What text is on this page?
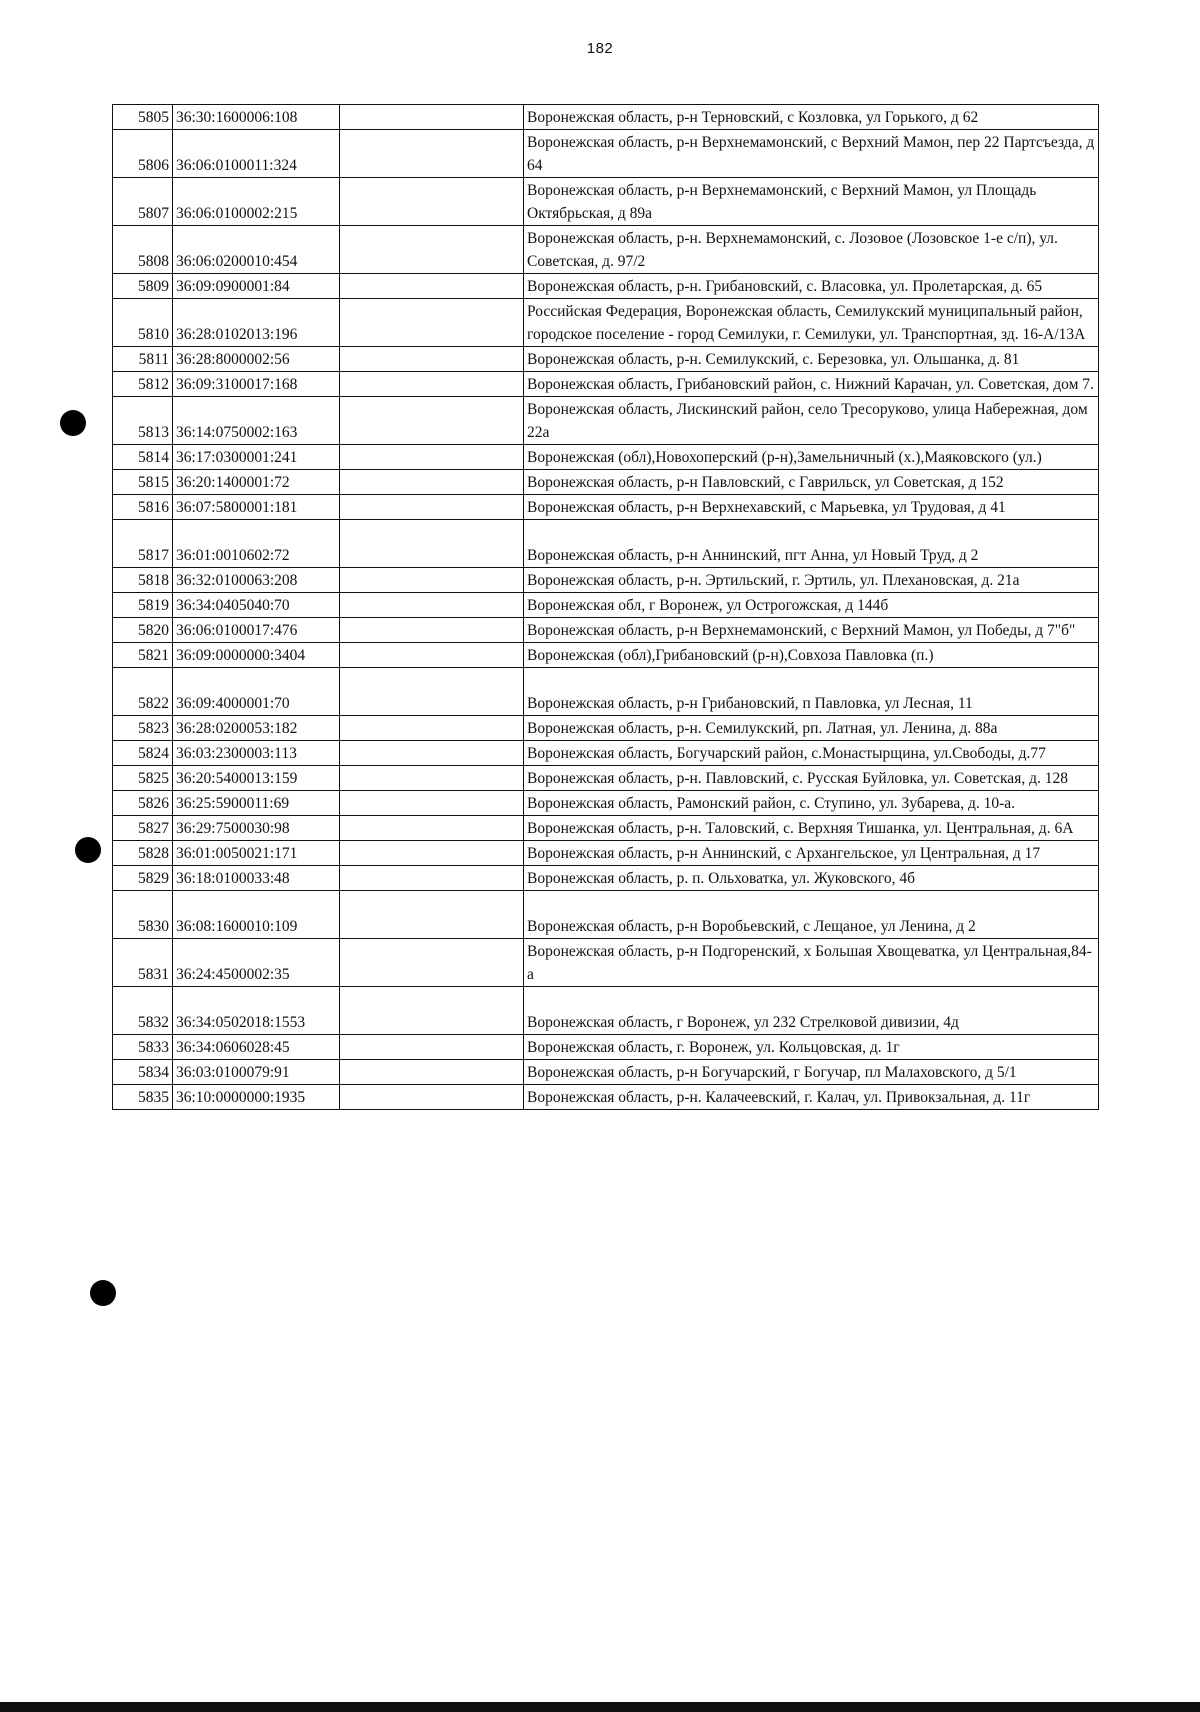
182
5805	36:30:1600006:108		Воронежская область, р-н Терновский, с Козловка, ул Горького, д 62
5806	36:06:0100011:324		Воронежская область, р-н Верхнемамонский, с Верхний Мамон, пер 22 Партсъезда, д 64
5807	36:06:0100002:215		Воронежская область, р-н Верхнемамонский, с Верхний Мамон, ул Площадь Октябрьская, д 89а
5808	36:06:0200010:454		Воронежская область, р-н. Верхнемамонский, с. Лозовое (Лозовское 1-е с/п), ул. Советская, д. 97/2
5809	36:09:0900001:84		Воронежская область, р-н. Грибановский, с. Власовка, ул. Пролетарская, д. 65
5810	36:28:0102013:196		Российская Федерация, Воронежская область, Семилукский муниципальный район, городское поселение - город Семилуки, г. Семилуки, ул. Транспортная, зд. 16-А/13А
5811	36:28:8000002:56		Воронежская область, р-н. Семилукский, с. Березовка, ул. Ольшанка, д. 81
5812	36:09:3100017:168		Воронежская область, Грибановский район, с. Нижний Карачан, ул. Советская, дом 7.
5813	36:14:0750002:163		Воронежская область, Лискинский район, село Тресоруково, улица Набережная, дом 22а
5814	36:17:0300001:241		Воронежская (обл),Новохоперский (р-н),Замельничный (х.),Маяковского (ул.)
5815	36:20:1400001:72		Воронежская область, р-н Павловский, с Гаврильск, ул Советская, д 152
5816	36:07:5800001:181		Воронежская область, р-н Верхнехавский, с Марьевка, ул Трудовая, д 41
5817	36:01:0010602:72		Воронежская область, р-н Аннинский, пгт Анна, ул Новый Труд, д 2
5818	36:32:0100063:208		Воронежская область, р-н. Эртильский, г. Эртиль, ул. Плехановская, д. 21а
5819	36:34:0405040:70		Воронежская обл, г Воронеж, ул Острогожская, д 144б
5820	36:06:0100017:476		Воронежская область, р-н Верхнемамонский, с Верхний Мамон, ул Победы, д 7"б"
5821	36:09:0000000:3404		Воронежская (обл),Грибановский (р-н),Совхоза Павловка (п.)
5822	36:09:4000001:70		Воронежская область, р-н Грибановский, п Павловка, ул Лесная, 11
5823	36:28:0200053:182		Воронежская область, р-н. Семилукский, рп. Латная, ул. Ленина, д. 88а
5824	36:03:2300003:113		Воронежская область, Богучарский район, с.Монастырщина, ул.Свободы, д.77
5825	36:20:5400013:159		Воронежская область, р-н. Павловский, с. Русская Буйловка, ул. Советская, д. 128
5826	36:25:5900011:69		Воронежская область, Рамонский район, с. Ступино, ул. Зубарева, д. 10-а.
5827	36:29:7500030:98		Воронежская область, р-н. Таловский, с. Верхняя Тишанка, ул. Центральная, д. 6А
5828	36:01:0050021:171		Воронежская область, р-н Аннинский, с Архангельское, ул Центральная, д 17
5829	36:18:0100033:48		Воронежская область, р. п. Ольховатка, ул. Жуковского, 4б
5830	36:08:1600010:109		Воронежская область, р-н Воробьевский, с Лещаное, ул Ленина, д 2
5831	36:24:4500002:35		Воронежская область, р-н Подгоренский, х Большая Хвощеватка, ул Центральная,84-а
5832	36:34:0502018:1553		Воронежская область, г Воронеж, ул 232 Стрелковой дивизии, 4д
5833	36:34:0606028:45		Воронежская область, г. Воронеж, ул. Кольцовская, д. 1г
5834	36:03:0100079:91		Воронежская область, р-н Богучарский, г Богучар, пл Малаховского, д 5/1
5835	36:10:0000000:1935		Воронежская область, р-н. Калачеевский, г. Калач, ул. Привокзальная, д. 11г
